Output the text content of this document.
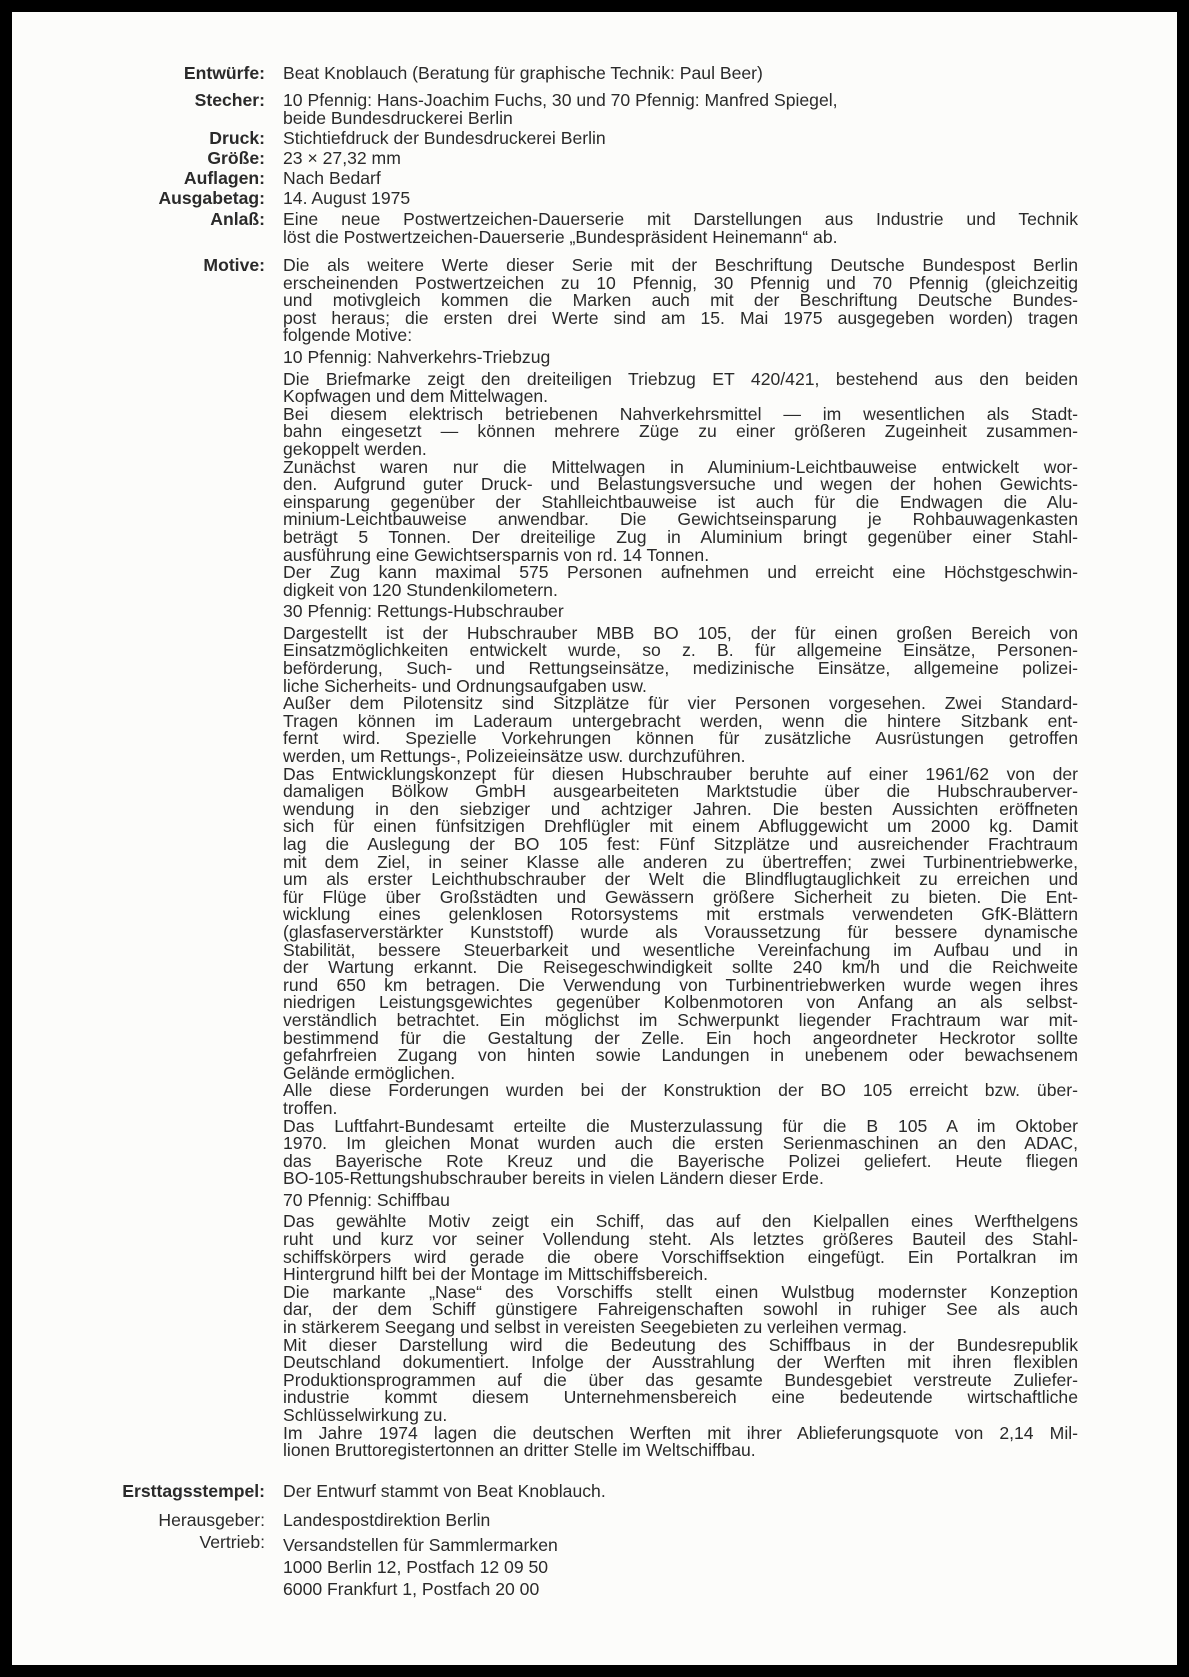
Entwürfe: Beat Knoblauch (Beratung für graphische Technik: Paul Beer)
Stecher: 10 Pfennig: Hans-Joachim Fuchs, 30 und 70 Pfennig: Manfred Spiegel,
beide Bundesdruckerei Berlin
Druck: Stichtiefdruck der Bundesdruckerei Berlin
Größe: 23 × 27,32 mm
Auflagen: Nach Bedarf
Ausgabetag: 14. August 1975
Anlaß: Eine neue Postwertzeichen-Dauerserie mit Darstellungen aus Industrie und Technik
löst die Postwertzeichen-Dauerserie „Bundespräsident Heinemann“ ab.
Motive: Die als weitere Werte dieser Serie mit der Beschriftung Deutsche Bundespost Berlin
erscheinenden Postwertzeichen zu 10 Pfennig, 30 Pfennig und 70 Pfennig (gleichzeitig
und motivgleich kommen die Marken auch mit der Beschriftung Deutsche Bundes-
post heraus; die ersten drei Werte sind am 15. Mai 1975 ausgegeben worden) tragen
folgende Motive:
10 Pfennig: Nahverkehrs-Triebzug
Die Briefmarke zeigt den dreiteiligen Triebzug ET 420/421, bestehend aus den beiden
Kopfwagen und dem Mittelwagen.
Bei diesem elektrisch betriebenen Nahverkehrsmittel — im wesentlichen als Stadt-
bahn eingesetzt — können mehrere Züge zu einer größeren Zugeinheit zusammen-
gekoppelt werden.
Zunächst waren nur die Mittelwagen in Aluminium-Leichtbauweise entwickelt wor-
den. Aufgrund guter Druck- und Belastungsversuche und wegen der hohen Gewichts-
einsparung gegenüber der Stahlleichtbauweise ist auch für die Endwagen die Alu-
minium-Leichtbauweise anwendbar. Die Gewichtseinsparung je Rohbauwagenkasten
beträgt 5 Tonnen. Der dreiteilige Zug in Aluminium bringt gegenüber einer Stahl-
ausführung eine Gewichtsersparnis von rd. 14 Tonnen.
Der Zug kann maximal 575 Personen aufnehmen und erreicht eine Höchstgeschwin-
digkeit von 120 Stundenkilometern.
30 Pfennig: Rettungs-Hubschrauber
Dargestellt ist der Hubschrauber MBB BO 105, der für einen großen Bereich von
Einsatzmöglichkeiten entwickelt wurde, so z. B. für allgemeine Einsätze, Personen-
beförderung, Such- und Rettungseinsätze, medizinische Einsätze, allgemeine polizei-
liche Sicherheits- und Ordnungsaufgaben usw.
Außer dem Pilotensitz sind Sitzplätze für vier Personen vorgesehen. Zwei Standard-
Tragen können im Laderaum untergebracht werden, wenn die hintere Sitzbank ent-
fernt wird. Spezielle Vorkehrungen können für zusätzliche Ausrüstungen getroffen
werden, um Rettungs-, Polizeieinsätze usw. durchzuführen.
Das Entwicklungskonzept für diesen Hubschrauber beruhte auf einer 1961/62 von der
damaligen Bölkow GmbH ausgearbeiteten Marktstudie über die Hubschrauberver-
wendung in den siebziger und achtziger Jahren. Die besten Aussichten eröffneten
sich für einen fünfsitzigen Drehflügler mit einem Abfluggewicht um 2000 kg. Damit
lag die Auslegung der BO 105 fest: Fünf Sitzplätze und ausreichender Frachtraum
mit dem Ziel, in seiner Klasse alle anderen zu übertreffen; zwei Turbinentriebwerke,
um als erster Leichthubschrauber der Welt die Blindflugtauglichkeit zu erreichen und
für Flüge über Großstädten und Gewässern größere Sicherheit zu bieten. Die Ent-
wicklung eines gelenklosen Rotorsystems mit erstmals verwendeten GfK-Blättern
(glasfaserverstärkter Kunststoff) wurde als Voraussetzung für bessere dynamische
Stabilität, bessere Steuerbarkeit und wesentliche Vereinfachung im Aufbau und in
der Wartung erkannt. Die Reisegeschwindigkeit sollte 240 km/h und die Reichweite
rund 650 km betragen. Die Verwendung von Turbinentriebwerken wurde wegen ihres
niedrigen Leistungsgewichtes gegenüber Kolbenmotoren von Anfang an als selbst-
verständlich betrachtet. Ein möglichst im Schwerpunkt liegender Frachtraum war mit-
bestimmend für die Gestaltung der Zelle. Ein hoch angeordneter Heckrotor sollte
gefahrfreien Zugang von hinten sowie Landungen in unebenem oder bewachsenem
Gelände ermöglichen.
Alle diese Forderungen wurden bei der Konstruktion der BO 105 erreicht bzw. über-
troffen.
Das Luftfahrt-Bundesamt erteilte die Musterzulassung für die B 105 A im Oktober
1970. Im gleichen Monat wurden auch die ersten Serienmaschinen an den ADAC,
das Bayerische Rote Kreuz und die Bayerische Polizei geliefert. Heute fliegen
BO-105-Rettungshubschrauber bereits in vielen Ländern dieser Erde.
70 Pfennig: Schiffbau
Das gewählte Motiv zeigt ein Schiff, das auf den Kielpallen eines Werfthelgens
ruht und kurz vor seiner Vollendung steht. Als letztes größeres Bauteil des Stahl-
schiffskörpers wird gerade die obere Vorschiffsektion eingefügt. Ein Portalkran im
Hintergrund hilft bei der Montage im Mittschiffsbereich.
Die markante „Nase“ des Vorschiffs stellt einen Wulstbug modernster Konzeption
dar, der dem Schiff günstigere Fahreigenschaften sowohl in ruhiger See als auch
in stärkerem Seegang und selbst in vereisten Seegebieten zu verleihen vermag.
Mit dieser Darstellung wird die Bedeutung des Schiffbaus in der Bundesrepublik
Deutschland dokumentiert. Infolge der Ausstrahlung der Werften mit ihren flexiblen
Produktionsprogrammen auf die über das gesamte Bundesgebiet verstreute Zuliefer-
industrie kommt diesem Unternehmensbereich eine bedeutende wirtschaftliche
Schlüsselwirkung zu.
Im Jahre 1974 lagen die deutschen Werften mit ihrer Ablieferungsquote von 2,14 Mil-
lionen Bruttoregistertonnen an dritter Stelle im Weltschiffbau.
Ersttagsstempel: Der Entwurf stammt von Beat Knoblauch.
Herausgeber: Landespostdirektion Berlin
Vertrieb: Versandstellen für Sammlermarken
1000 Berlin 12, Postfach 12 09 50
6000 Frankfurt 1, Postfach 20 00
